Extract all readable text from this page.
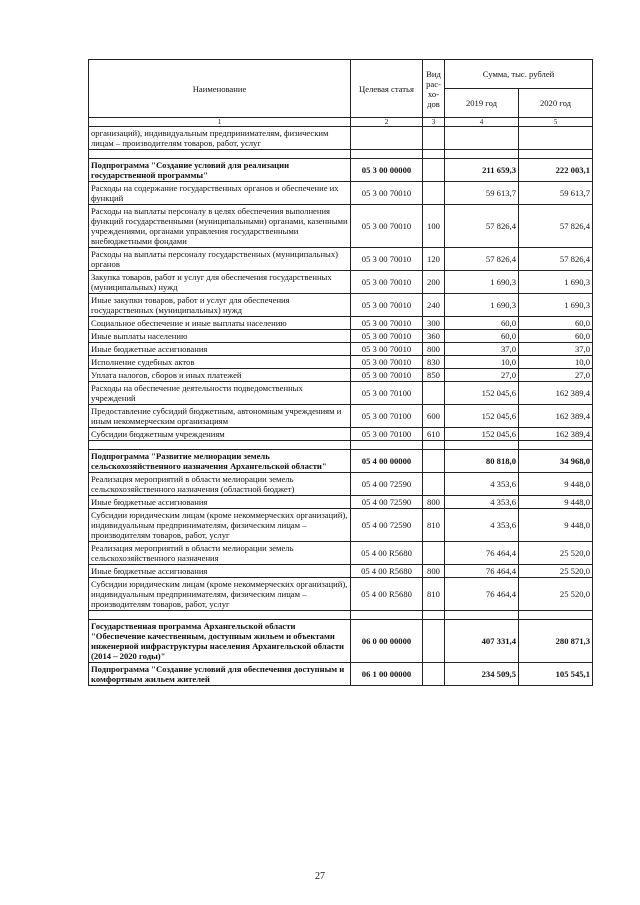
Наименование	Целевая статья	Вид
рас-
хо-
дов	Сумма, тыс. рублей	
			2019 год	2020 год
1	2	3	4	5
организаций), индивидуальным предпринимателям, физическим лицам – производителям товаров, работ, услуг				

Подпрограмма "Создание условий для реализации государственной программы"	05 3 00 00000		211 659,3	222 003,1
Расходы на содержание государственных органов и обеспечение их функций	05 3 00 70010		59 613,7	59 613,7
Расходы на выплаты персоналу в целях обеспечения выполнения функций государственными (муниципальными) органами, казенными учреждениями, органами управления государственными внебюджетными фондами	05 3 00 70010	100	57 826,4	57 826,4
Расходы на выплаты персоналу государственных (муниципальных) органов	05 3 00 70010	120	57 826,4	57 826,4
Закупка товаров, работ и услуг для обеспечения государственных (муниципальных) нужд	05 3 00 70010	200	1 690,3	1 690,3
Иные закупки товаров, работ и услуг для обеспечения государственных (муниципальных) нужд	05 3 00 70010	240	1 690,3	1 690,3
Социальное обеспечение и иные выплаты населению	05 3 00 70010	300	60,0	60,0
Иные выплаты населению	05 3 00 70010	360	60,0	60,0
Иные бюджетные ассигнования	05 3 00 70010	800	37,0	37,0
Исполнение судебных актов	05 3 00 70010	830	10,0	10,0
Уплата налогов, сборов и иных платежей	05 3 00 70010	850	27,0	27,0
Расходы на обеспечение деятельности подведомственных учреждений	05 3 00 70100		152 045,6	162 389,4
Предоставление субсидий бюджетным, автономным учреждениям и иным некоммерческим организациям	05 3 00 70100	600	152 045,6	162 389,4
Субсидии бюджетным учреждениям	05 3 00 70100	610	152 045,6	162 389,4

Подпрограмма "Развитие мелиорации земель сельскохозяйственного назначения Архангельской области"	05 4 00 00000		80 818,0	34 968,0
Реализация мероприятий в области мелиорации земель сельскохозяйственного назначения (областной бюджет)	05 4 00 72590		4 353,6	9 448,0
Иные бюджетные ассигнования	05 4 00 72590	800	4 353,6	9 448,0
Субсидии юридическим лицам (кроме некоммерческих организаций), индивидуальным предпринимателям, физическим лицам – производителям товаров, работ, услуг	05 4 00 72590	810	4 353,6	9 448,0
Реализация мероприятий в области мелиорации земель сельскохозяйственного назначения	05 4 00 R5680		76 464,4	25 520,0
Иные бюджетные ассигнования	05 4 00 R5680	800	76 464,4	25 520,0
Субсидии юридическим лицам (кроме некоммерческих организаций), индивидуальным предпринимателям, физическим лицам – производителям товаров, работ, услуг	05 4 00 R5680	810	76 464,4	25 520,0

Государственная программа Архангельской области "Обеспечение качественным, доступным жильем и объектами инженерной инфраструктуры населения Архангельской области (2014 – 2020 годы)"	06 0 00 00000		407 331,4	280 871,3
Подпрограмма "Создание условий для обеспечения доступным и комфортным жильем жителей	06 1 00 00000		234 509,5	105 545,1
27
